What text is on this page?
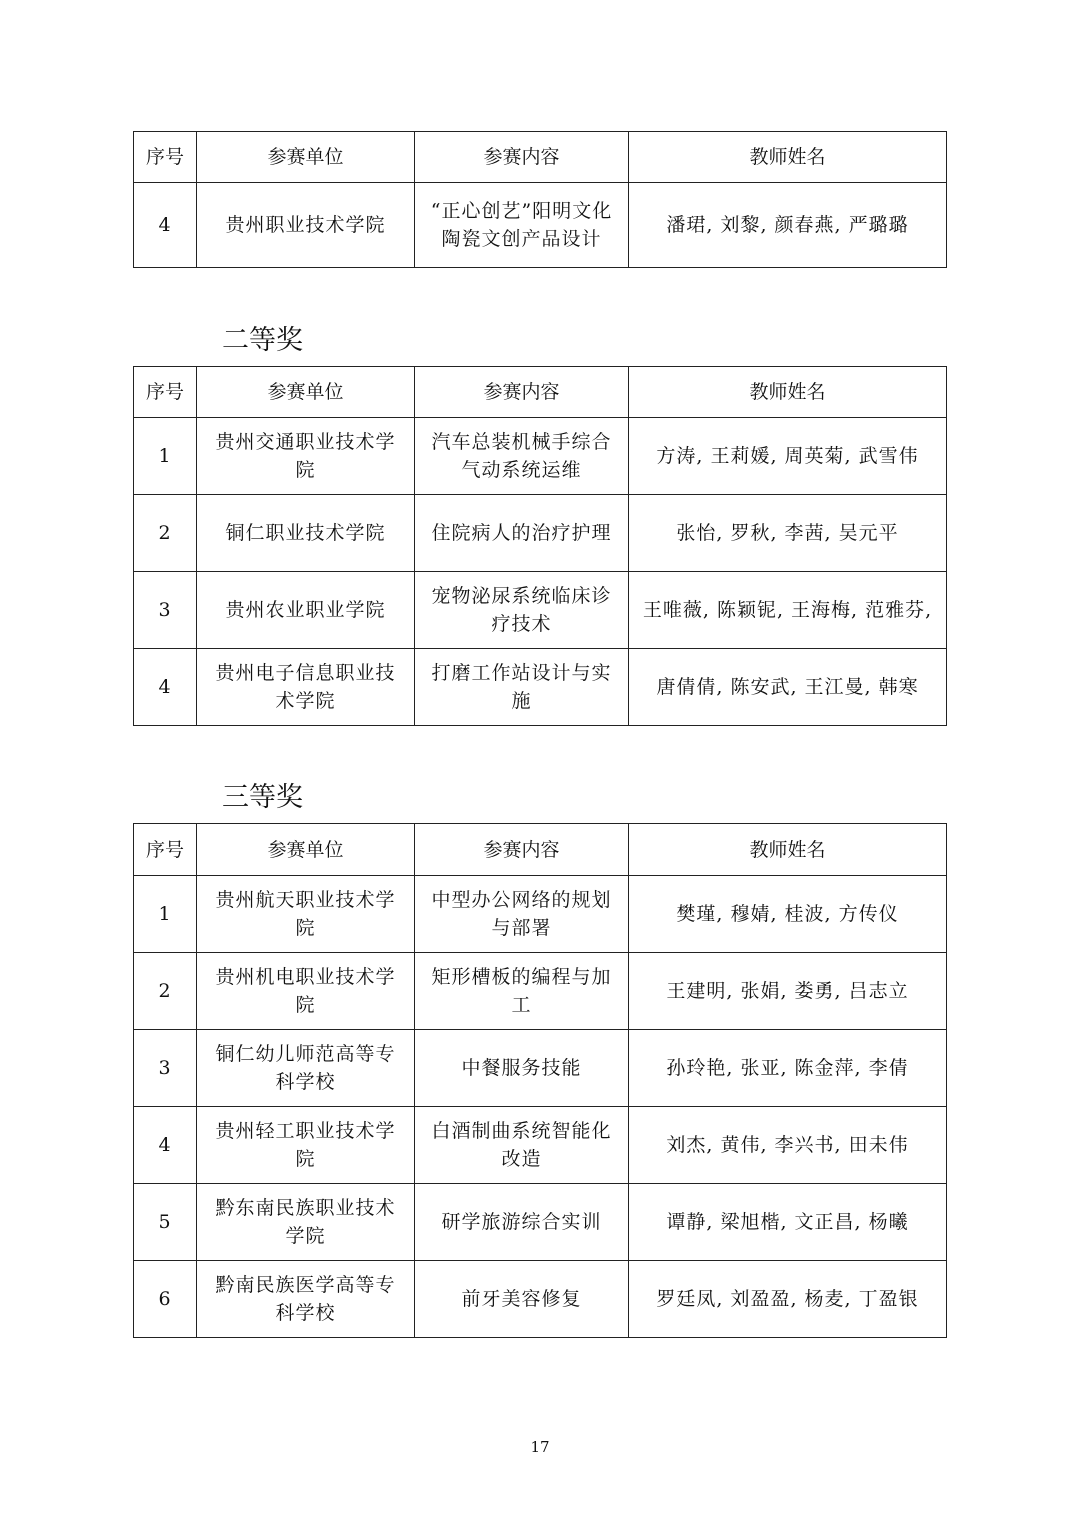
序号	参赛单位	参赛内容	教师姓名
4	贵州职业技术学院	“正心创艺”阳明文化陶瓷文创产品设计	潘珺, 刘黎, 颜春燕, 严璐璐
二等奖
序号	参赛单位	参赛内容	教师姓名
1	贵州交通职业技术学院	汽车总装机械手综合气动系统运维	方涛, 王莉媛, 周英菊, 武雪伟
2	铜仁职业技术学院	住院病人的治疗护理	张怡, 罗秋, 李茜, 吴元平
3	贵州农业职业学院	宠物泌尿系统临床诊疗技术	王唯薇, 陈颖铌, 王海梅, 范雅芬,
4	贵州电子信息职业技术学院	打磨工作站设计与实施	唐倩倩, 陈安武, 王江曼, 韩寒
三等奖
序号	参赛单位	参赛内容	教师姓名
1	贵州航天职业技术学院	中型办公网络的规划与部署	樊瑾, 穆婧, 桂波, 方传仪
2	贵州机电职业技术学院	矩形槽板的编程与加工	王建明, 张娟, 娄勇, 吕志立
3	铜仁幼儿师范高等专科学校	中餐服务技能	孙玲艳, 张亚, 陈金萍, 李倩
4	贵州轻工职业技术学院	白酒制曲系统智能化改造	刘杰, 黄伟, 李兴书, 田未伟
5	黔东南民族职业技术学院	研学旅游综合实训	谭静, 梁旭楷, 文正昌, 杨曦
6	黔南民族医学高等专科学校	前牙美容修复	罗廷凤, 刘盈盈, 杨麦, 丁盈银
17
